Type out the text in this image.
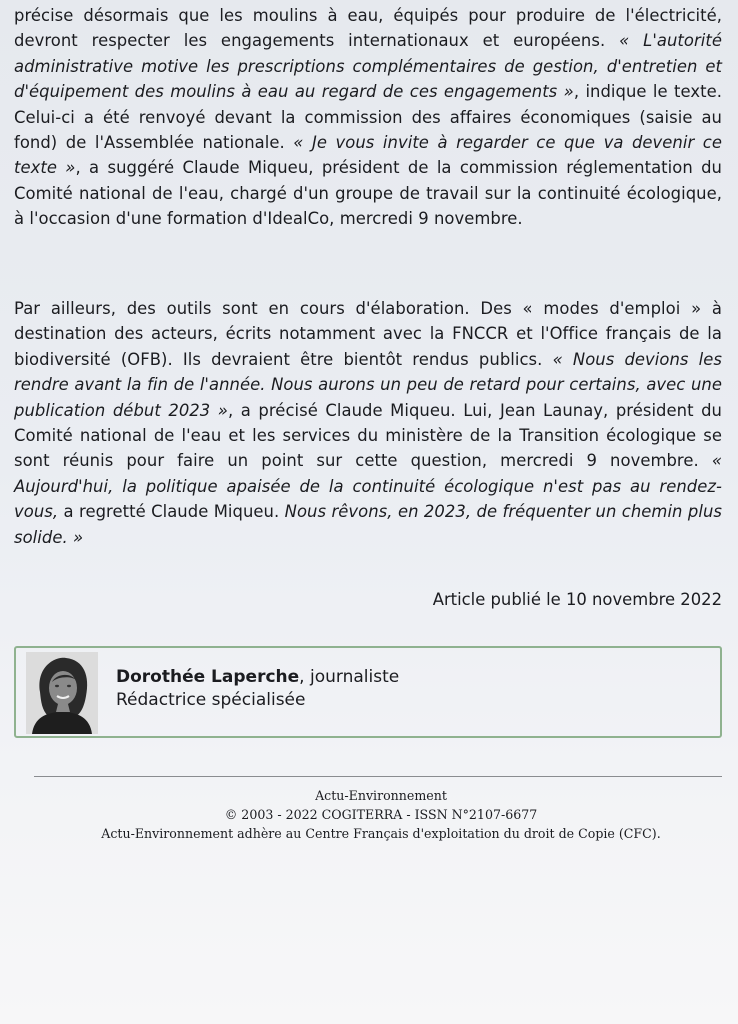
précise désormais que les moulins à eau, équipés pour produire de l'électricité, devront respecter les engagements internationaux et européens. « L'autorité administrative motive les prescriptions complémentaires de gestion, d'entretien et d'équipement des moulins à eau au regard de ces engagements », indique le texte. Celui-ci a été renvoyé devant la commission des affaires économiques (saisie au fond) de l'Assemblée nationale. « Je vous invite à regarder ce que va devenir ce texte », a suggéré Claude Miqueu, président de la commission réglementation du Comité national de l'eau, chargé d'un groupe de travail sur la continuité écologique, à l'occasion d'une formation d'IdealCo, mercredi 9 novembre.

Par ailleurs, des outils sont en cours d'élaboration. Des « modes d'emploi » à destination des acteurs, écrits notamment avec la FNCCR et l'Office français de la biodiversité (OFB). Ils devraient être bientôt rendus publics. « Nous devions les rendre avant la fin de l'année. Nous aurons un peu de retard pour certains, avec une publication début 2023 », a précisé Claude Miqueu. Lui, Jean Launay, président du Comité national de l'eau et les services du ministère de la Transition écologique se sont réunis pour faire un point sur cette question, mercredi 9 novembre. « Aujourd'hui, la politique apaisée de la continuité écologique n'est pas au rendez-vous, a regretté Claude Miqueu. Nous rêvons, en 2023, de fréquenter un chemin plus solide. »

Article publié le 10 novembre 2022
Dorothée Laperche, journaliste
Rédactrice spécialisée
Actu-Environnement
© 2003 - 2022 COGITERRA - ISSN N°2107-6677
Actu-Environnement adhère au Centre Français d'exploitation du droit de Copie (CFC).
